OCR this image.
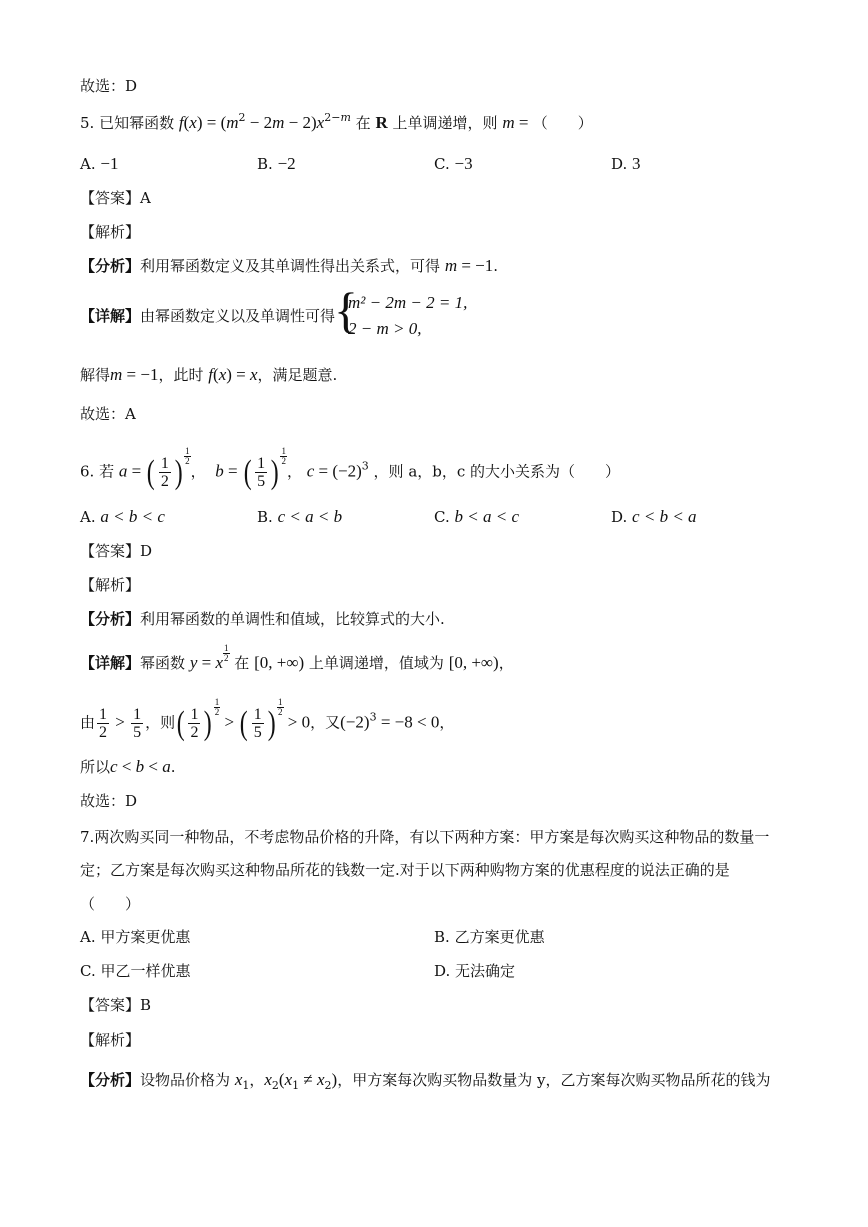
故选：D
5. 已知幂函数 $f(x) = (m^2 - 2m - 2)x^{2-m}$ 在 R 上单调递增，则 m = （　　）
A. −1	B. −2	C. −3	D. 3
【答案】A
【解析】
【分析】利用幂函数定义及其单调性得出关系式，可得 m = −1.
【详解】由幂函数定义以及单调性可得
{
m² − 2m − 2 = 1,
2 − m > 0,
解得m = −1，此时 f(x) = x，满足题意.
故选：A
6. 若 a = ( $\frac{1}{2}$ ) $\frac{1}{2}$
，  b = ( $\frac{1}{5}$ ) $\frac{1}{2}$
， $c = (-2)^3$ ，则 a，b，c 的大小关系为（　　）
A. a < b < c	B. c < a < b	C. b < a < c	D. c < b < a
【答案】D
【解析】
【分析】利用幂函数的单调性和值域，比较算式的大小.
【详解】幂函数 y = x $\frac{1}{2}$ 在 [0, +∞) 上单调递增，值域为 [0, +∞)，
由 $\frac{1}{2} > \frac{1}{5}$ ，则( $\frac{1}{2}$ ) $\frac{1}{2}$
> ( $\frac{1}{5}$ ) $\frac{1}{2}$
> 0，又$(-2)^3 = -8 < 0$，
所以c < b < a.
故选：D
7.两次购买同一种物品，不考虑物品价格的升降，有以下两种方案：甲方案是每次购买这种物品的数量一
定；乙方案是每次购买这种物品所花的钱数一定.对于以下两种购物方案的优惠程度的说法正确的是
（　　）
A. 甲方案更优惠	B. 乙方案更优惠
C. 甲乙一样优惠	D. 无法确定
【答案】B
【解析】
【分析】设物品价格为 $x_1$，$x_2(x_1 \ne x_2)$，甲方案每次购买物品数量为 y，乙方案每次购买物品所花的钱为
